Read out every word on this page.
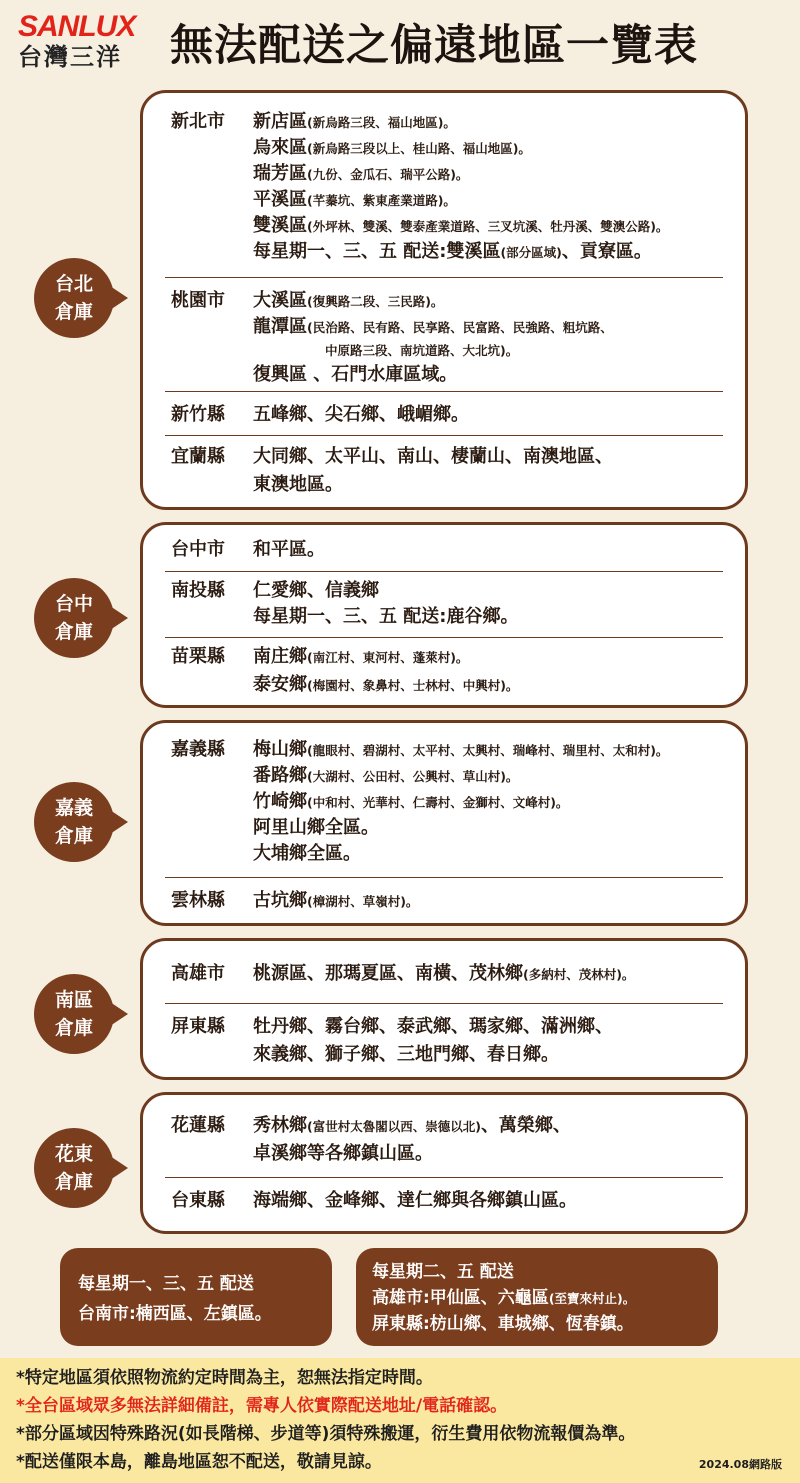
SANLUX
台灣三洋	無法配送之偏遠地區一覽表
台北
倉庫
新北市 新店區(新烏路三段、福山地區)。
烏來區(新烏路三段以上、桂山路、福山地區)。
瑞芳區(九份、金瓜石、瑞平公路)。
平溪區(芊蓁坑、紫東產業道路)。
雙溪區(外坪林、雙溪、雙泰產業道路、三叉坑溪、牡丹溪、雙澳公路)。
每星期一、三、五 配送:雙溪區(部分區域)、貢寮區。
桃園市 大溪區(復興路二段、三民路)。
龍潭區(民治路、民有路、民享路、民富路、民強路、粗坑路、
中原路三段、南坑道路、大北坑)。
復興區 、石門水庫區域。
新竹縣 五峰鄉、尖石鄉、峨嵋鄉。
宜蘭縣 大同鄉、太平山、南山、棲蘭山、南澳地區、
東澳地區。
台中
倉庫
台中市 和平區。
南投縣 仁愛鄉、信義鄉
每星期一、三、五 配送:鹿谷鄉。
苗栗縣 南庄鄉(南江村、東河村、蓬萊村)。
泰安鄉(梅園村、象鼻村、士林村、中興村)。
嘉義
倉庫
嘉義縣 梅山鄉(龍眼村、碧湖村、太平村、太興村、瑞峰村、瑞里村、太和村)。
番路鄉(大湖村、公田村、公興村、草山村)。
竹崎鄉(中和村、光華村、仁壽村、金獅村、文峰村)。
阿里山鄉全區。
大埔鄉全區。
雲林縣 古坑鄉(樟湖村、草嶺村)。
南區
倉庫
高雄市 桃源區、那瑪夏區、南橫、茂林鄉(多納村、茂林村)。
屏東縣 牡丹鄉、霧台鄉、泰武鄉、瑪家鄉、滿洲鄉、
來義鄉、獅子鄉、三地門鄉、春日鄉。
花東
倉庫
花蓮縣 秀林鄉(富世村太魯閣以西、崇德以北)、萬榮鄉、
卓溪鄉等各鄉鎮山區。
台東縣 海端鄉、金峰鄉、達仁鄉與各鄉鎮山區。
每星期一、三、五 配送
台南市:楠西區、左鎮區。
每星期二、五 配送
高雄市:甲仙區、六龜區(至寶來村止)。
屏東縣:枋山鄉、車城鄉、恆春鎮。
*特定地區須依照物流約定時間為主，恕無法指定時間。
*全台區域眾多無法詳細備註，需專人依實際配送地址/電話確認。
*部分區域因特殊路況(如長階梯、步道等)須特殊搬運，衍生費用依物流報價為準。
*配送僅限本島，離島地區恕不配送，敬請見諒。	2024.08網路版
